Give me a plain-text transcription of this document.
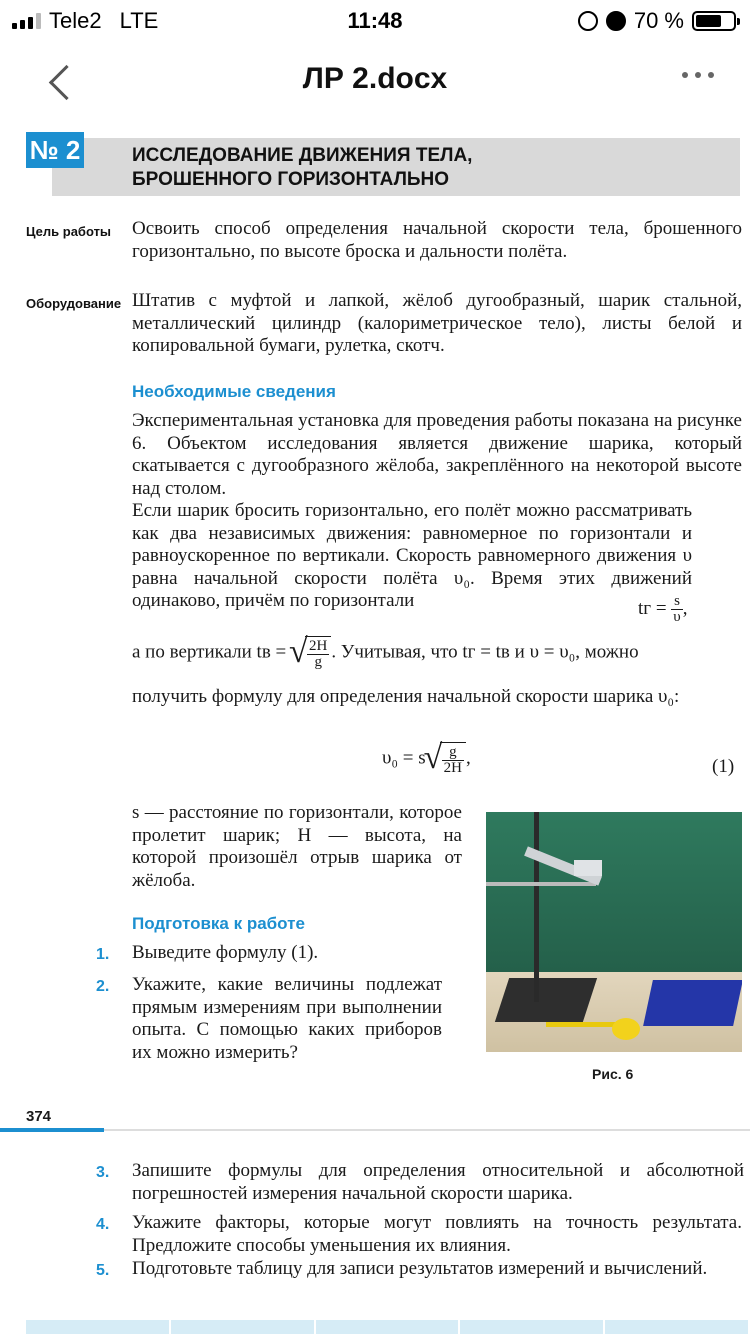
Tele2 LTE	11:48	70 %
ЛР 2.docx
№ 2	ИССЛЕДОВАНИЕ ДВИЖЕНИЯ ТЕЛА,
БРОШЕННОГО ГОРИЗОНТАЛЬНО
Цель работы Освоить способ определения начальной скорости тела, брошенного горизонтально, по высоте броска и дальности полёта.
Оборудование Штатив с муфтой и лапкой, жёлоб дугообразный, шарик стальной, металлический цилиндр (калориметрическое тело), листы белой и копировальной бумаги, рулетка, скотч.
Необходимые сведения
Экспериментальная установка для проведения работы показана на рисунке 6. Объектом исследования является движение шарика, который скатывается с дугообразного жёлоба, закреплённого на некоторой высоте над столом.
Если шарик бросить горизонтально, его полёт можно рассматривать как два независимых движения: равномерное по горизонтали и равноускоренное по вертикали. Скорость равномерного движения υ равна начальной скорости полёта υ₀. Время этих движений одинаково, причём по горизонтали	tг = $\frac{s}{\upsilon}$ ,
а по вертикали tв = √ $\frac{2H}{g}$ . Учитывая, что tг = tв и υ = υ₀, можно
получить формулу для определения начальной скорости шарика υ₀:
υ₀ = s √ $\frac{g}{2H}$ ,	(1)
s — расстояние по горизонтали, которое пролетит шарик; H — высота, на которой произошёл отрыв шарика от жёлоба.
Подготовка к работе
1. Выведите формулу (1).
2. Укажите, какие величины подлежат прямым измерениям при выполнении опыта. С помощью каких приборов их можно измерить?
Рис. 6
374
3. Запишите формулы для определения относительной и абсолютной погрешностей измерения начальной скорости шарика.
4. Укажите факторы, которые могут повлиять на точность результата. Предложите способы уменьшения их влияния.
5. Подготовьте таблицу для записи результатов измерений и вычислений.
